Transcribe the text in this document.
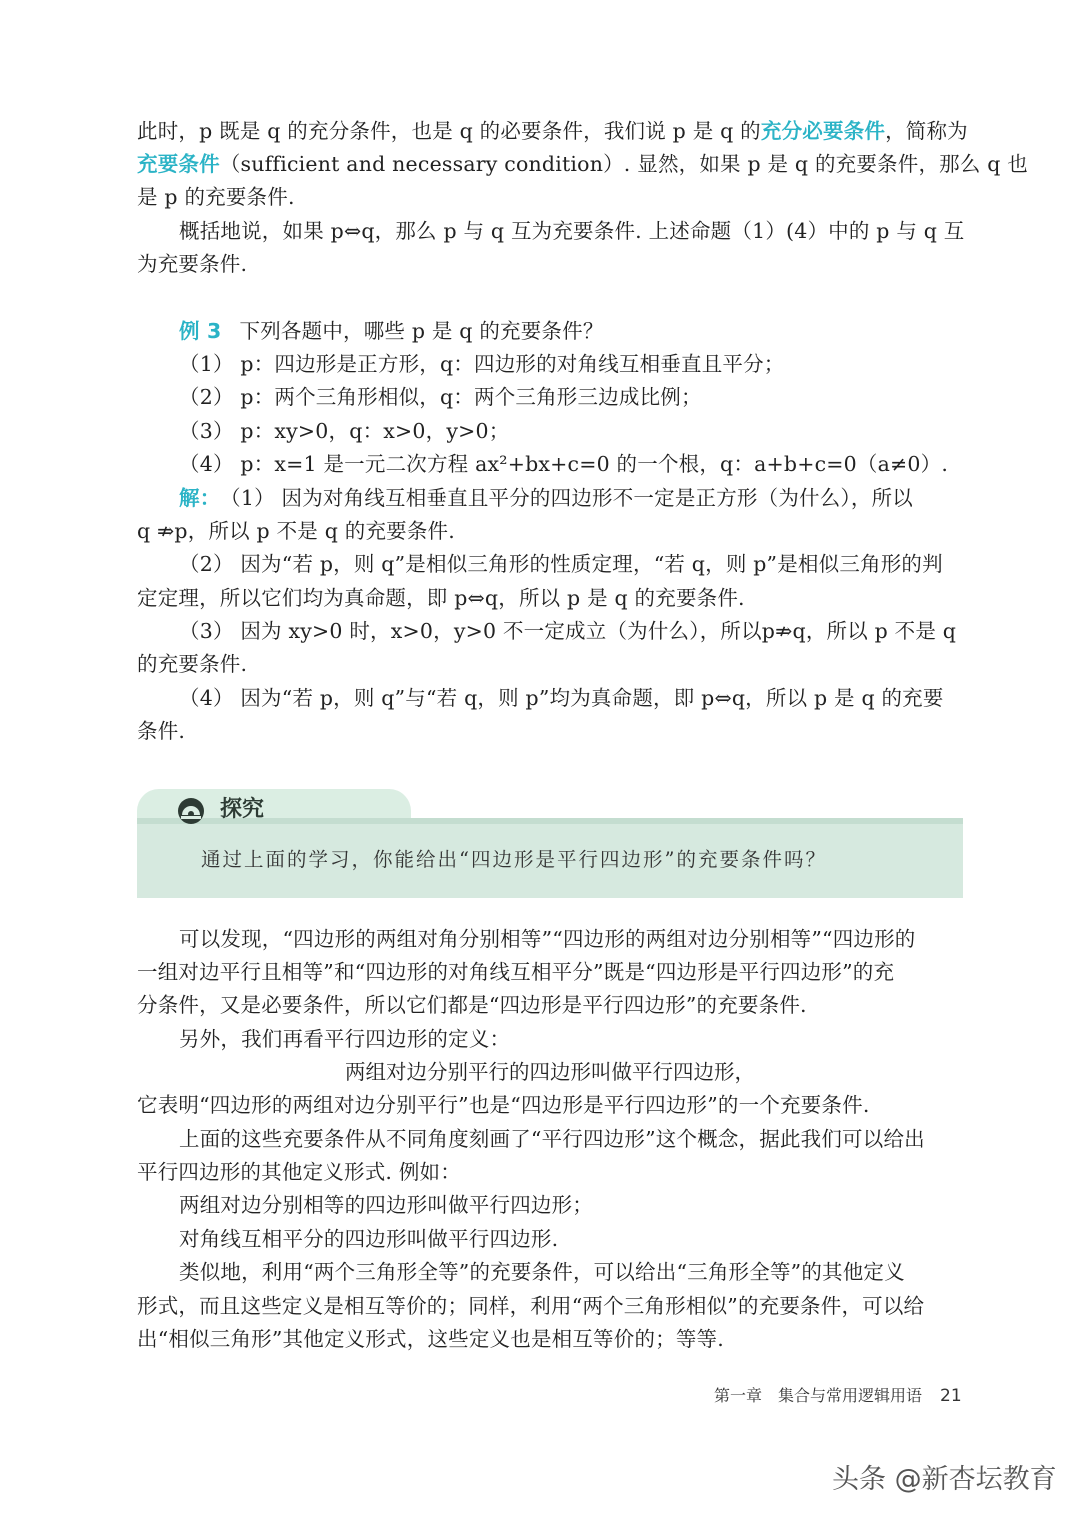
此时，p 既是 q 的充分条件，也是 q 的必要条件，我们说 p 是 q 的充分必要条件，简称为
充要条件（sufficient and necessary condition）. 显然，如果 p 是 q 的充要条件，那么 q 也
是 p 的充要条件.
概括地说，如果 p⇔q，那么 p 与 q 互为充要条件. 上述命题（1）(4）中的 p 与 q 互
为充要条件.
例 3 下列各题中，哪些 p 是 q 的充要条件？
（1） p：四边形是正方形，q：四边形的对角线互相垂直且平分；
（2） p：两个三角形相似，q：两个三角形三边成比例；
（3） p：xy>0，q：x>0，y>0；
（4） p：x=1 是一元二次方程 ax²+bx+c=0 的一个根，q：a+b+c=0（a≠0）.
解： （1） 因为对角线互相垂直且平分的四边形不一定是正方形（为什么），所以
q ⇏p，所以 p 不是 q 的充要条件.
（2） 因为“若 p，则 q”是相似三角形的性质定理，“若 q，则 p”是相似三角形的判
定定理，所以它们均为真命题，即 p⇔q，所以 p 是 q 的充要条件.
（3） 因为 xy>0 时，x>0，y>0 不一定成立（为什么），所以p⇏q，所以 p 不是 q
的充要条件.
（4） 因为“若 p，则 q”与“若 q，则 p”均为真命题，即 p⇔q，所以 p 是 q 的充要
条件.
探究
通过上面的学习，你能给出“四边形是平行四边形”的充要条件吗？
可以发现，“四边形的两组对角分别相等”“四边形的两组对边分别相等”“四边形的
一组对边平行且相等”和“四边形的对角线互相平分”既是“四边形是平行四边形”的充
分条件，又是必要条件，所以它们都是“四边形是平行四边形”的充要条件.
另外，我们再看平行四边形的定义：
两组对边分别平行的四边形叫做平行四边形，
它表明“四边形的两组对边分别平行”也是“四边形是平行四边形”的一个充要条件.
上面的这些充要条件从不同角度刻画了“平行四边形”这个概念，据此我们可以给出
平行四边形的其他定义形式. 例如：
两组对边分别相等的四边形叫做平行四边形；
对角线互相平分的四边形叫做平行四边形.
类似地，利用“两个三角形全等”的充要条件，可以给出“三角形全等”的其他定义
形式，而且这些定义是相互等价的；同样，利用“两个三角形相似”的充要条件，可以给
出“相似三角形”其他定义形式，这些定义也是相互等价的；等等.
第一章　集合与常用逻辑用语 21
头条 @新杏坛教育
